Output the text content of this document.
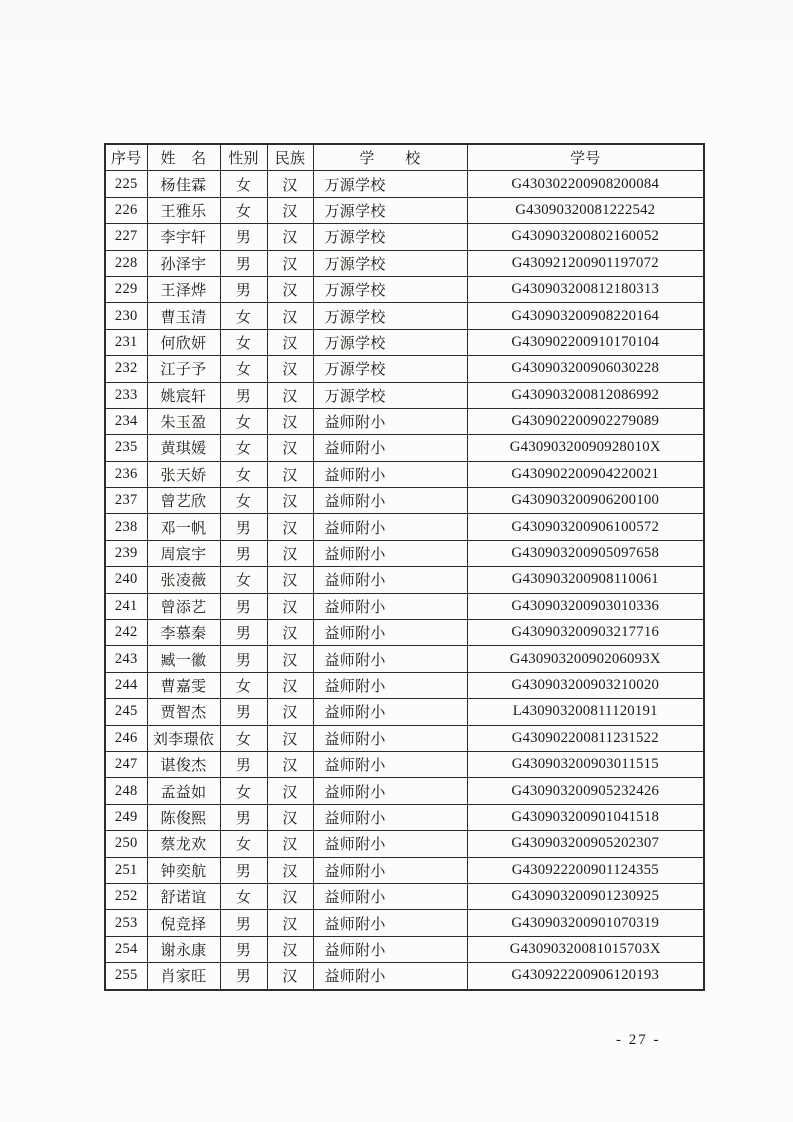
序号	姓　名	性别	民族	学　　校	学号
225	杨佳霖	女	汉	万源学校	G430302200908200084
226	王雅乐	女	汉	万源学校	G43090320081222542
227	李宇轩	男	汉	万源学校	G430903200802160052
228	孙泽宇	男	汉	万源学校	G430921200901197072
229	王泽烨	男	汉	万源学校	G430903200812180313
230	曹玉清	女	汉	万源学校	G430903200908220164
231	何欣妍	女	汉	万源学校	G430902200910170104
232	江子予	女	汉	万源学校	G430903200906030228
233	姚宸轩	男	汉	万源学校	G430903200812086992
234	朱玉盈	女	汉	益师附小	G430902200902279089
235	黄琪媛	女	汉	益师附小	G43090320090928010X
236	张天娇	女	汉	益师附小	G430902200904220021
237	曾艺欣	女	汉	益师附小	G430903200906200100
238	邓一帆	男	汉	益师附小	G430903200906100572
239	周宸宇	男	汉	益师附小	G430903200905097658
240	张凌薇	女	汉	益师附小	G430903200908110061
241	曾添艺	男	汉	益师附小	G430903200903010336
242	李慕秦	男	汉	益师附小	G430903200903217716
243	臧一徽	男	汉	益师附小	G43090320090206093X
244	曹嘉雯	女	汉	益师附小	G430903200903210020
245	贾智杰	男	汉	益师附小	L430903200811120191
246	刘李璟依	女	汉	益师附小	G430902200811231522
247	谌俊杰	男	汉	益师附小	G430903200903011515
248	孟益如	女	汉	益师附小	G430903200905232426
249	陈俊熙	男	汉	益师附小	G430903200901041518
250	蔡龙欢	女	汉	益师附小	G430903200905202307
251	钟奕航	男	汉	益师附小	G430922200901124355
252	舒诺谊	女	汉	益师附小	G430903200901230925
253	倪竞择	男	汉	益师附小	G430903200901070319
254	谢永康	男	汉	益师附小	G43090320081015703X
255	肖家旺	男	汉	益师附小	G430922200906120193
- 27 -
